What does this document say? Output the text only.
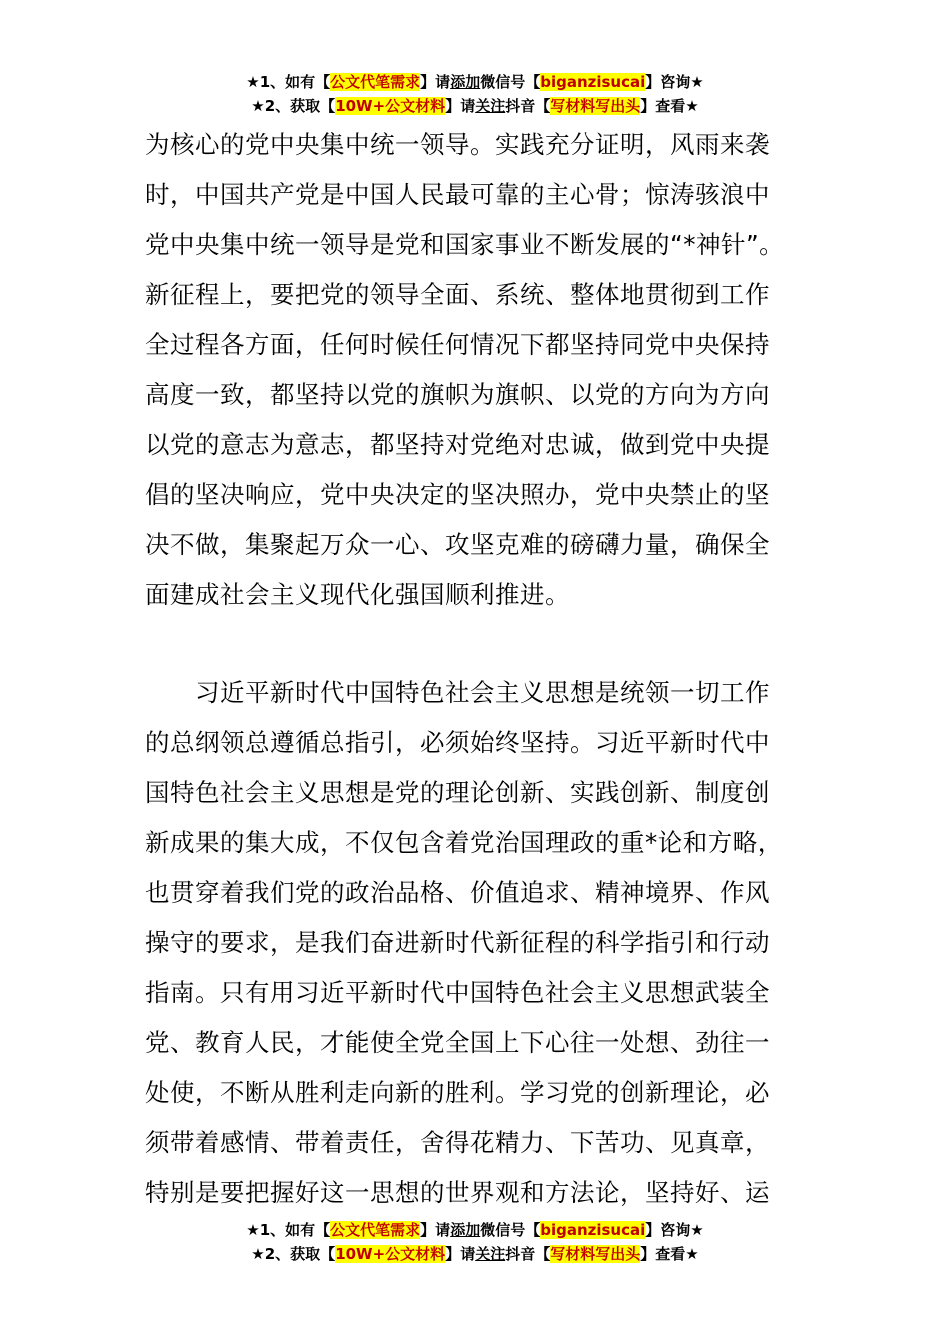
★1、如有【公文代笔需求】请添加微信号【biganzisucai】咨询★
★2、获取【10W+公文材料】请关注抖音【写材料写出头】查看★
为核心的党中央集中统一领导。实践充分证明，风雨来袭
时，中国共产党是中国人民最可靠的主心骨；惊涛骇浪中
党中央集中统一领导是党和国家事业不断发展的“*神针”。
新征程上，要把党的领导全面、系统、整体地贯彻到工作
全过程各方面，任何时候任何情况下都坚持同党中央保持
高度一致，都坚持以党的旗帜为旗帜、以党的方向为方向
以党的意志为意志，都坚持对党绝对忠诚，做到党中央提
倡的坚决响应，党中央决定的坚决照办，党中央禁止的坚
决不做，集聚起万众一心、攻坚克难的磅礴力量，确保全
面建成社会主义现代化强国顺利推进。
　　习近平新时代中国特色社会主义思想是统领一切工作
的总纲领总遵循总指引，必须始终坚持。习近平新时代中
国特色社会主义思想是党的理论创新、实践创新、制度创
新成果的集大成，不仅包含着党治国理政的重*论和方略，
也贯穿着我们党的政治品格、价值追求、精神境界、作风
操守的要求，是我们奋进新时代新征程的科学指引和行动
指南。只有用习近平新时代中国特色社会主义思想武装全
党、教育人民，才能使全党全国上下心往一处想、劲往一
处使，不断从胜利走向新的胜利。学习党的创新理论，必
须带着感情、带着责任，舍得花精力、下苦功、见真章，
特别是要把握好这一思想的世界观和方法论，坚持好、运
★1、如有【公文代笔需求】请添加微信号【biganzisucai】咨询★
★2、获取【10W+公文材料】请关注抖音【写材料写出头】查看★
